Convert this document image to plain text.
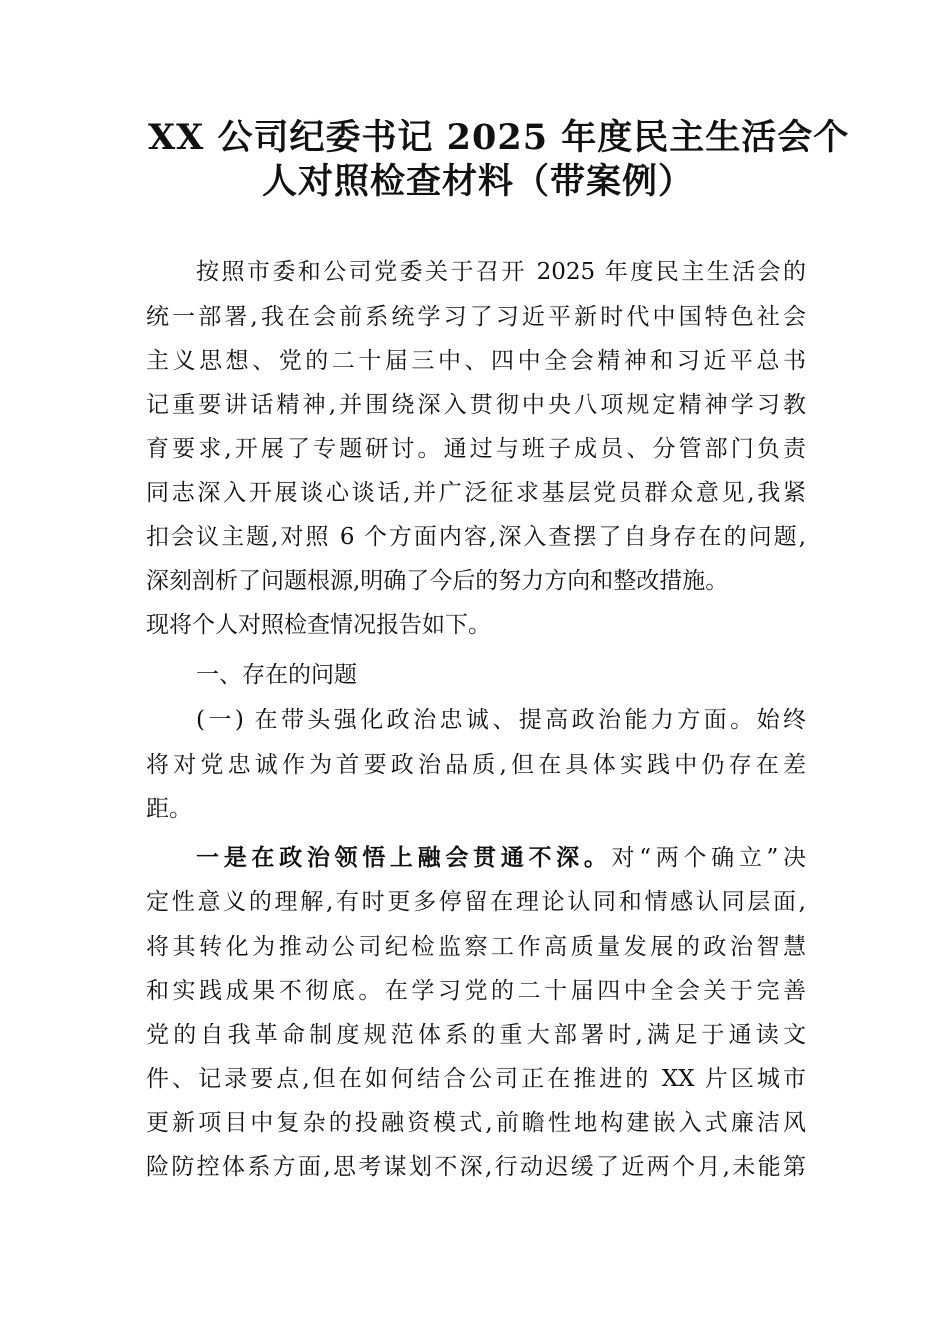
XX 公司纪委书记 2025 年度民主生活会个
人对照检查材料（带案例）
按照市委和公司党委关于召开 2025 年度民主生活会的
统一部署,我在会前系统学习了习近平新时代中国特色社会
主义思想、党的二十届三中、四中全会精神和习近平总书
记重要讲话精神,并围绕深入贯彻中央八项规定精神学习教
育要求,开展了专题研讨。通过与班子成员、分管部门负责
同志深入开展谈心谈话,并广泛征求基层党员群众意见,我紧
扣会议主题,对照 6 个方面内容,深入查摆了自身存在的问题,
深刻剖析了问题根源,明确了今后的努力方向和整改措施。
现将个人对照检查情况报告如下。
一、存在的问题
(一) 在带头强化政治忠诚、提高政治能力方面。始终
将对党忠诚作为首要政治品质,但在具体实践中仍存在差
距。
一是在政治领悟上融会贯通不深。对“两个确立”决
定性意义的理解,有时更多停留在理论认同和情感认同层面,
将其转化为推动公司纪检监察工作高质量发展的政治智慧
和实践成果不彻底。在学习党的二十届四中全会关于完善
党的自我革命制度规范体系的重大部署时,满足于通读文
件、记录要点,但在如何结合公司正在推进的 XX 片区城市
更新项目中复杂的投融资模式,前瞻性地构建嵌入式廉洁风
险防控体系方面,思考谋划不深,行动迟缓了近两个月,未能第
